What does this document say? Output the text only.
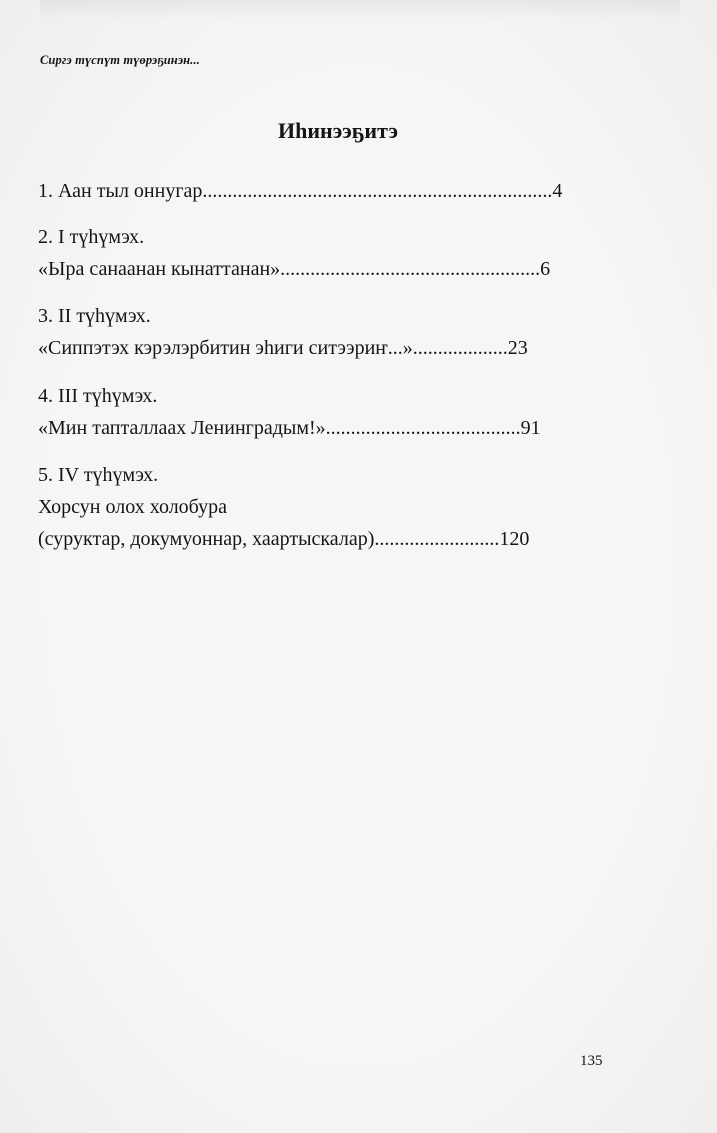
Сиргэ түспүт түөрэҕинэн...
Иһинээҕитэ
1. Аан тыл оннугар......................................................................4
2. I түһүмэх.
«Ыра санаанан кынаттанан»....................................................6
3. II түһүмэх.
«Сиппэтэх кэрэлэрбитин эһиги ситээриҥ...»...................23
4. III түһүмэх.
«Мин тапталлаах Ленинградым!».......................................91
5. IV түһүмэх.
Хорсун олох холобура
(суруктар, докумуоннар, хаартыскалар).........................120
135
